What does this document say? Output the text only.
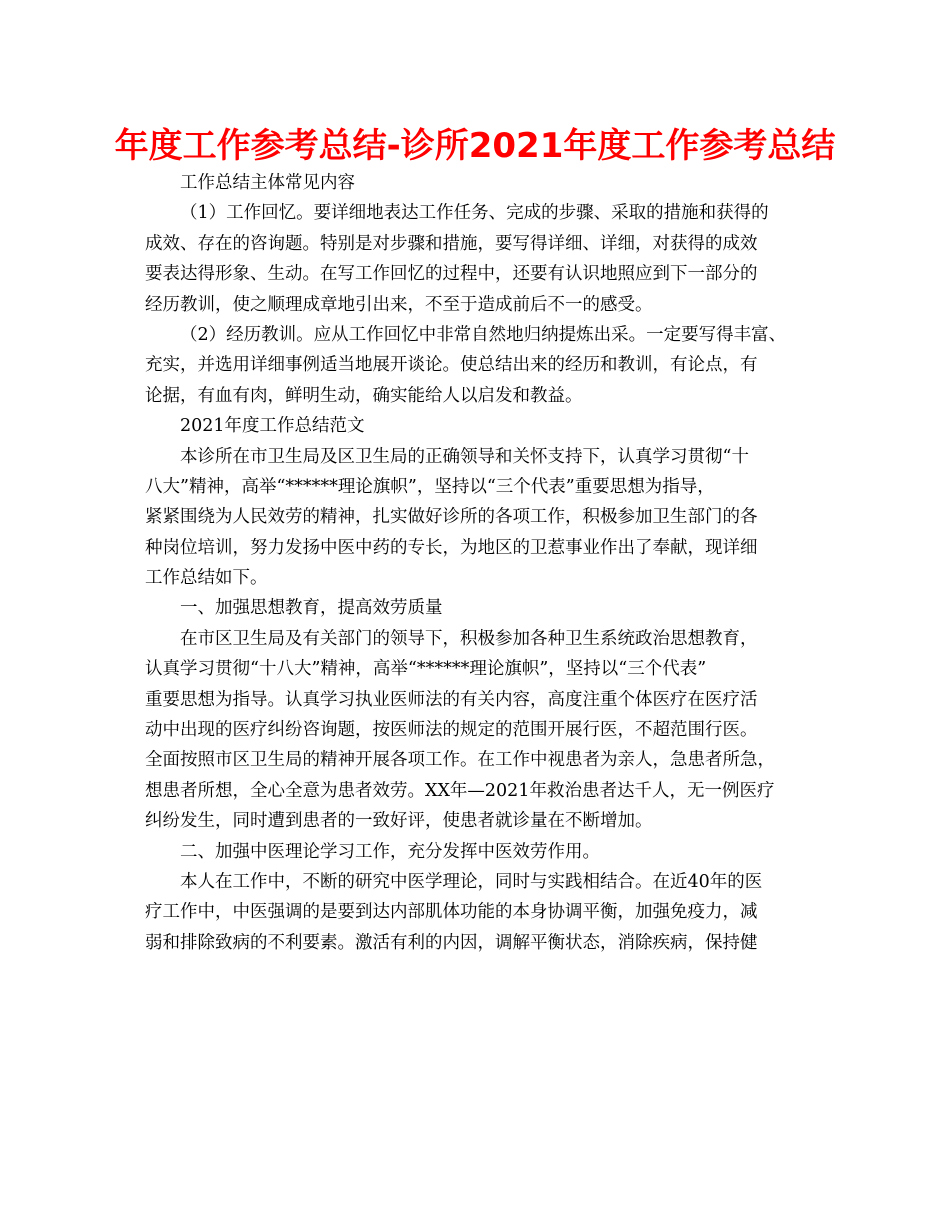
年度工作参考总结-诊所2021年度工作参考总结
工作总结主体常见内容
（1）工作回忆。要详细地表达工作任务、完成的步骤、采取的措施和获得的
成效、存在的咨询题。特别是对步骤和措施，要写得详细、详细，对获得的成效
要表达得形象、生动。在写工作回忆的过程中，还要有认识地照应到下一部分的
经历教训，使之顺理成章地引出来，不至于造成前后不一的感受。
（2）经历教训。应从工作回忆中非常自然地归纳提炼出采。一定要写得丰富、
充实，并选用详细事例适当地展开谈论。使总结出来的经历和教训，有论点，有
论据，有血有肉，鲜明生动，确实能给人以启发和教益。
2021年度工作总结范文
本诊所在市卫生局及区卫生局的正确领导和关怀支持下，认真学习贯彻“十
八大”精神，高举“******理论旗帜”，坚持以“三个代表”重要思想为指导，
紧紧围绕为人民效劳的精神，扎实做好诊所的各项工作，积极参加卫生部门的各
种岗位培训，努力发扬中医中药的专长，为地区的卫惹事业作出了奉献，现详细
工作总结如下。
一、加强思想教育，提高效劳质量
在市区卫生局及有关部门的领导下，积极参加各种卫生系统政治思想教育，
认真学习贯彻“十八大”精神，高举“******理论旗帜”，坚持以“三个代表”
重要思想为指导。认真学习执业医师法的有关内容，高度注重个体医疗在医疗活
动中出现的医疗纠纷咨询题，按医师法的规定的范围开展行医，不超范围行医。
全面按照市区卫生局的精神开展各项工作。在工作中视患者为亲人，急患者所急，
想患者所想，全心全意为患者效劳。XX年—2021年救治患者达千人，无一例医疗
纠纷发生，同时遭到患者的一致好评，使患者就诊量在不断增加。
二、加强中医理论学习工作，充分发挥中医效劳作用。
本人在工作中，不断的研究中医学理论，同时与实践相结合。在近40年的医
疗工作中，中医强调的是要到达内部肌体功能的本身协调平衡，加强免疫力，减
弱和排除致病的不利要素。激活有利的内因，调解平衡状态，消除疾病，保持健
